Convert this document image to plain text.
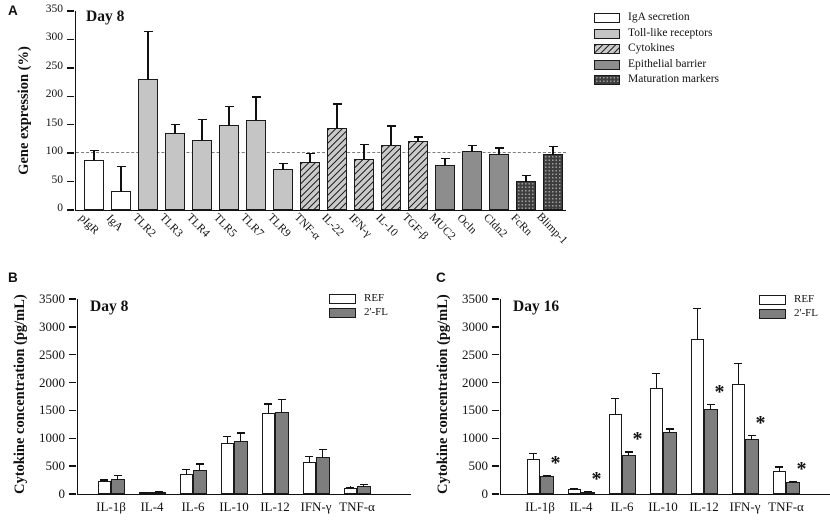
A
B	C
0
50
100
150
200
250
300
350
Gene expression (%)
Day 8
pIgR IgA TLR2 TLR3 TLR4 TLR5 TLR7 TLR9
TNF-α
IL-22 IFN-γ IL-10 TGF-β
MUC2
Ocln Cldn2 FcRn Blimp-1
IgA secretion
Toll-like receptors
Cytokines
Epithelial barrier
Maturation markers
0
500
1000
1500
2000
2500
3000
3500
Cytokine concentration (pg/mL)	Day 8
IL-1β	IL-4	IL-6	IL-10 IL-12 IFN-γ TNF-α
REF
2'-FL
0
500
1000
1500
2000
2500
3000
3500
Cytokine concentration (pg/mL)	Day 16
*
IL-1β
*
IL-4
*
IL-6	IL-10
*
IL-12
*
IFN-γ
*
TNF-α
REF
2'-FL
